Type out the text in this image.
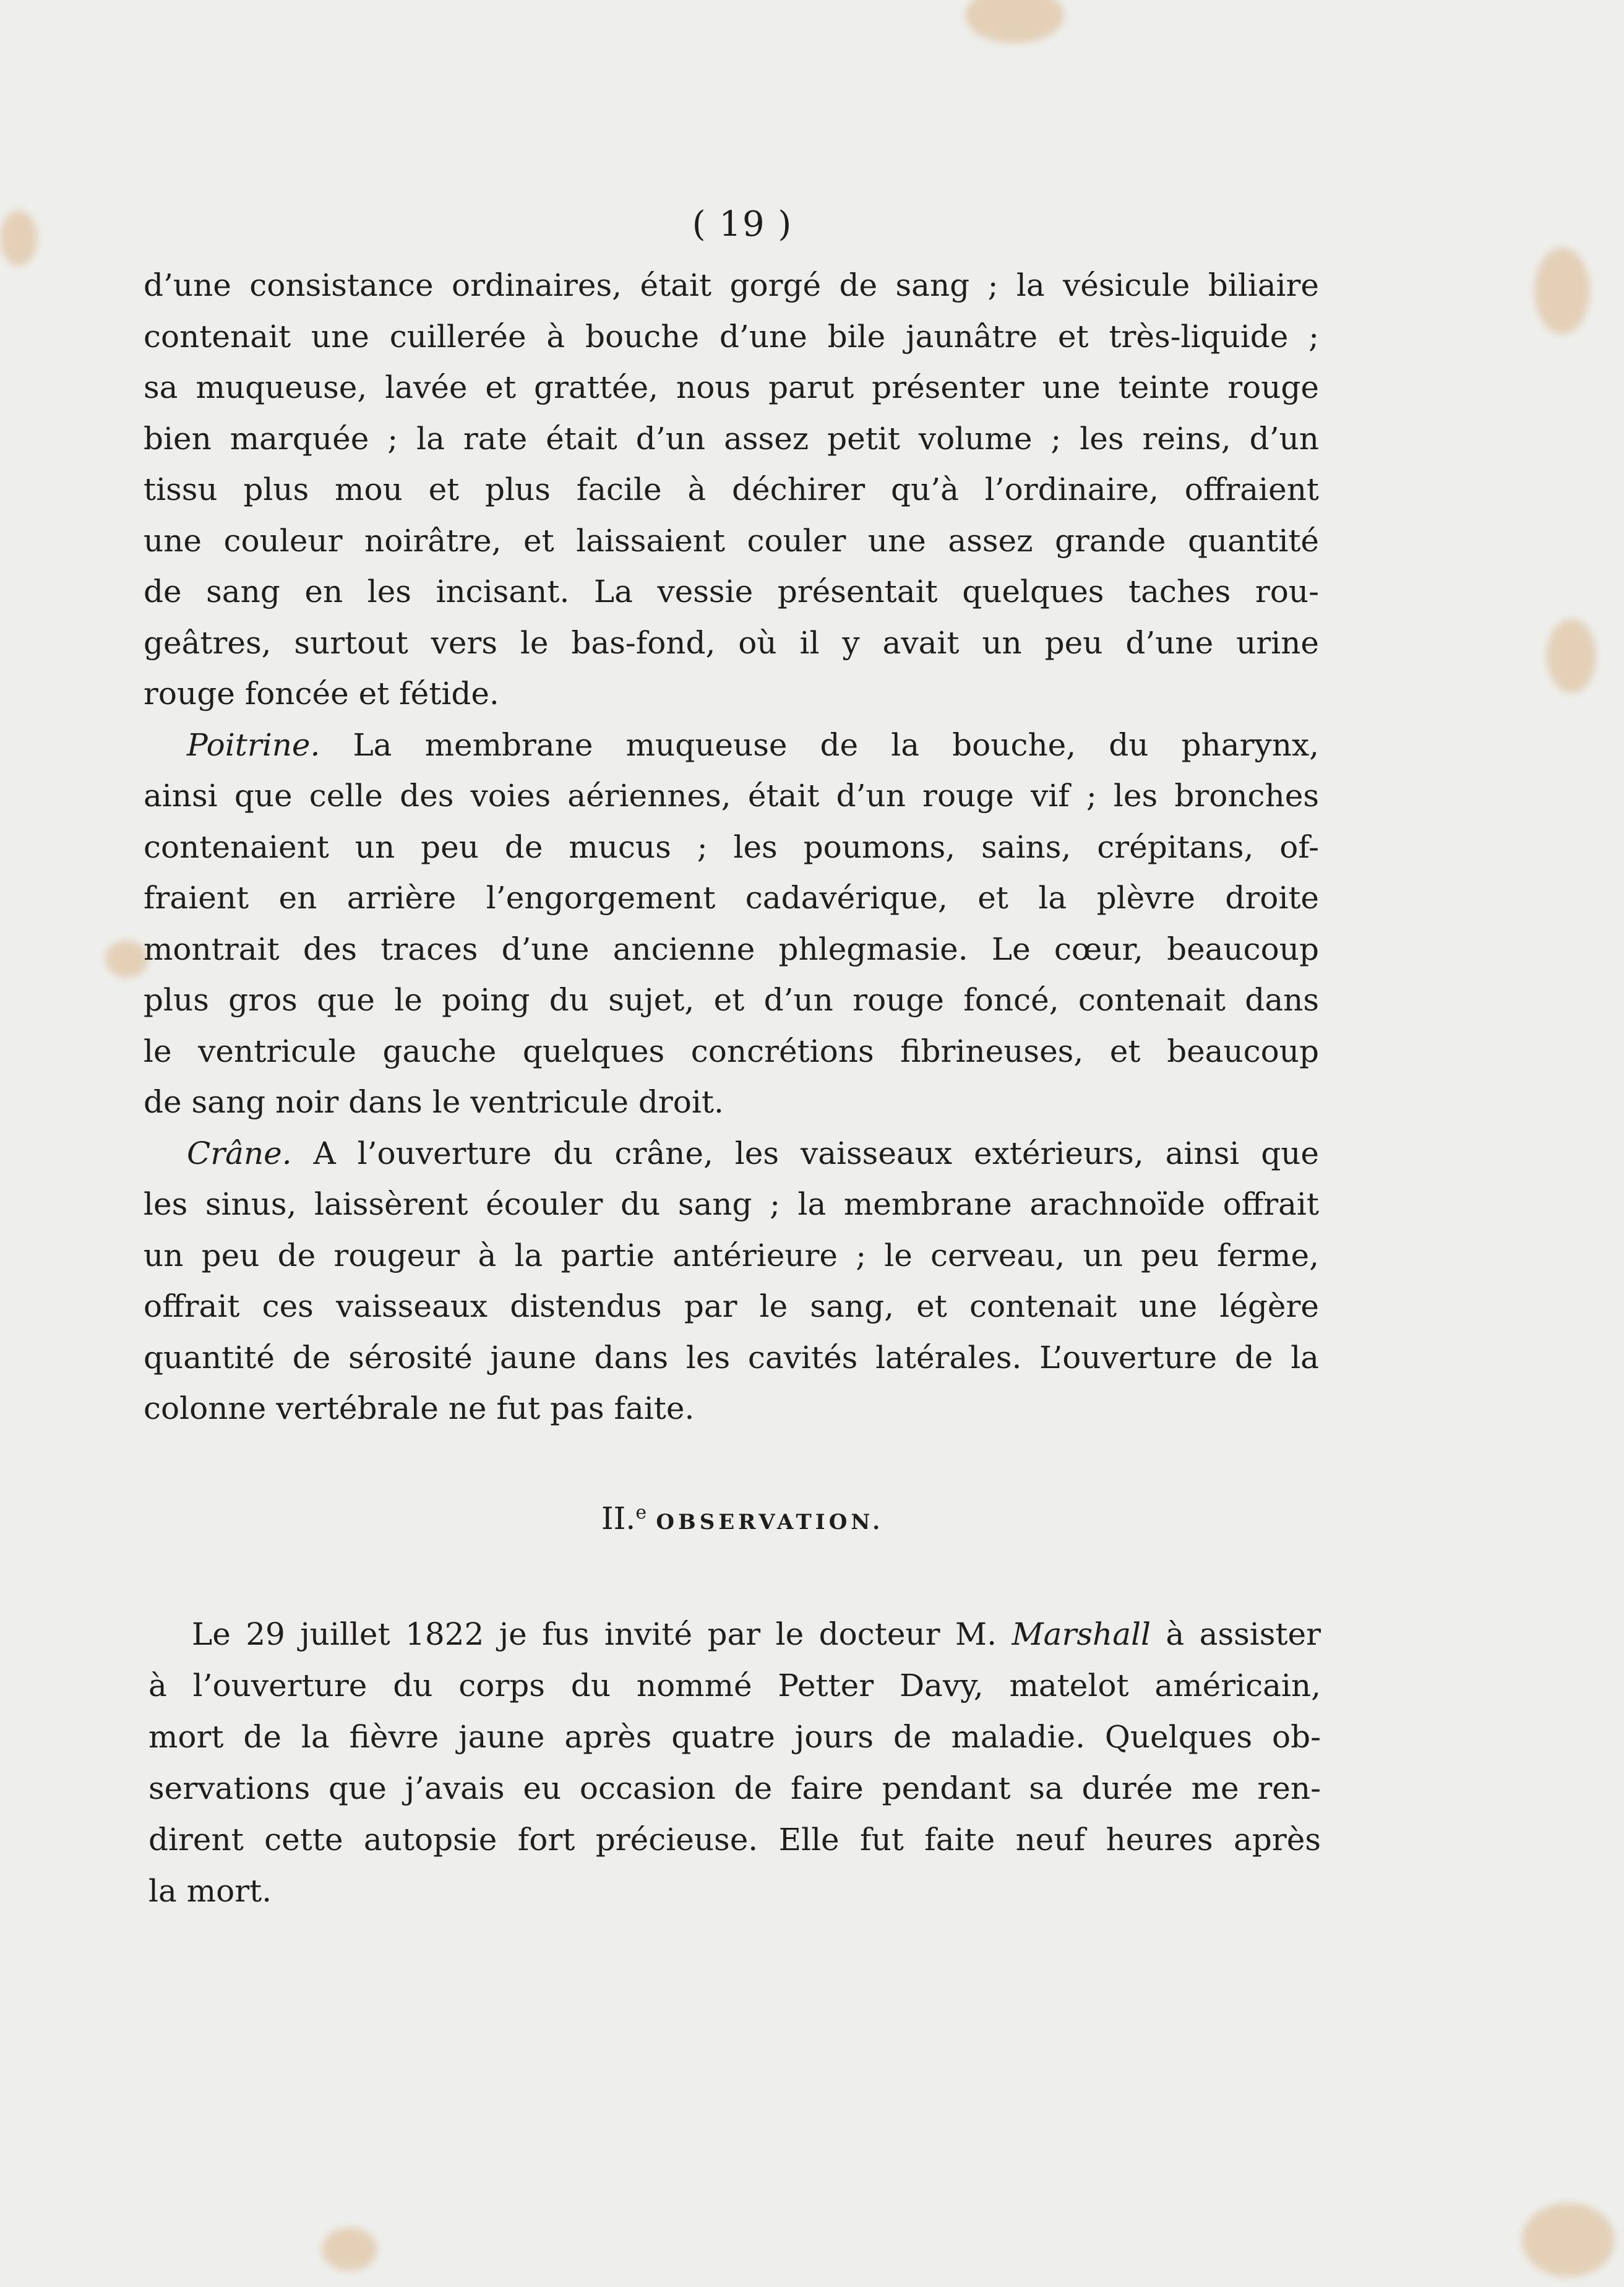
( 19 )
d’une consistance ordinaires, était gorgé de sang ; la vésicule biliaire
contenait une cuillerée à bouche d’une bile jaunâtre et très-liquide ;
sa muqueuse, lavée et grattée, nous parut présenter une teinte rouge
bien marquée ; la rate était d’un assez petit volume ; les reins, d’un
tissu plus mou et plus facile à déchirer qu’à l’ordinaire, offraient
une couleur noirâtre, et laissaient couler une assez grande quantité
de sang en les incisant. La vessie présentait quelques taches rou-
geâtres, surtout vers le bas-fond, où il y avait un peu d’une urine
rouge foncée et fétide.
Poitrine. La membrane muqueuse de la bouche, du pharynx,
ainsi que celle des voies aériennes, était d’un rouge vif ; les bronches
contenaient un peu de mucus ; les poumons, sains, crépitans, of-
fraient en arrière l’engorgement cadavérique, et la plèvre droite
montrait des traces d’une ancienne phlegmasie. Le cœur, beaucoup
plus gros que le poing du sujet, et d’un rouge foncé, contenait dans
le ventricule gauche quelques concrétions fibrineuses, et beaucoup
de sang noir dans le ventricule droit.
Crâne. A l’ouverture du crâne, les vaisseaux extérieurs, ainsi que
les sinus, laissèrent écouler du sang ; la membrane arachnoïde offrait
un peu de rougeur à la partie antérieure ; le cerveau, un peu ferme,
offrait ces vaisseaux distendus par le sang, et contenait une légère
quantité de sérosité jaune dans les cavités latérales. L’ouverture de la
colonne vertébrale ne fut pas faite.
II.$^e$ OBSERVATION.
Le 29 juillet 1822 je fus invité par le docteur M. Marshall à assister
à l’ouverture du corps du nommé Petter Davy, matelot américain,
mort de la fièvre jaune après quatre jours de maladie. Quelques ob-
servations que j’avais eu occasion de faire pendant sa durée me ren-
dirent cette autopsie fort précieuse. Elle fut faite neuf heures après
la mort.
